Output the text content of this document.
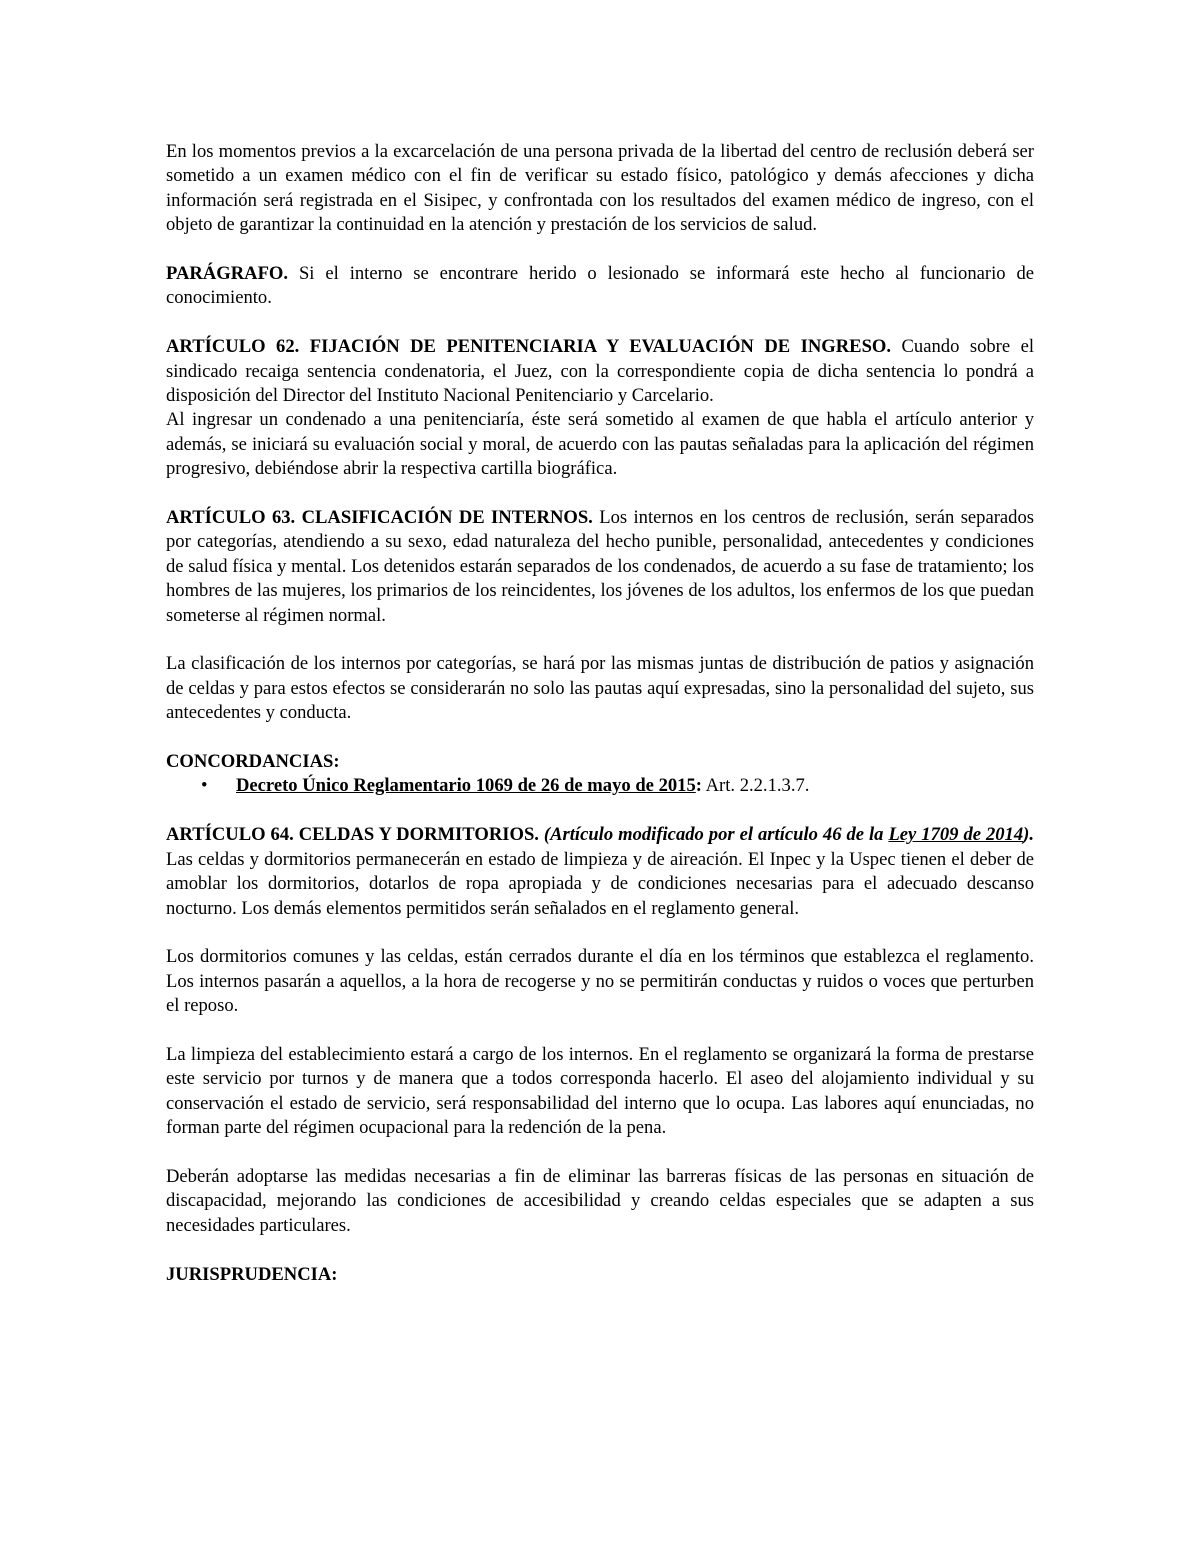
En los momentos previos a la excarcelación de una persona privada de la libertad del centro de reclusión deberá ser sometido a un examen médico con el fin de verificar su estado físico, patológico y demás afecciones y dicha información será registrada en el Sisipec, y confrontada con los resultados del examen médico de ingreso, con el objeto de garantizar la continuidad en la atención y prestación de los servicios de salud.

PARÁGRAFO. Si el interno se encontrare herido o lesionado se informará este hecho al funcionario de conocimiento.

ARTÍCULO 62. FIJACIÓN DE PENITENCIARIA Y EVALUACIÓN DE INGRESO. Cuando sobre el sindicado recaiga sentencia condenatoria, el Juez, con la correspondiente copia de dicha sentencia lo pondrá a disposición del Director del Instituto Nacional Penitenciario y Carcelario.

Al ingresar un condenado a una penitenciaría, éste será sometido al examen de que habla el artículo anterior y además, se iniciará su evaluación social y moral, de acuerdo con las pautas señaladas para la aplicación del régimen progresivo, debiéndose abrir la respectiva cartilla biográfica.

ARTÍCULO 63. CLASIFICACIÓN DE INTERNOS. Los internos en los centros de reclusión, serán separados por categorías, atendiendo a su sexo, edad naturaleza del hecho punible, personalidad, antecedentes y condiciones de salud física y mental. Los detenidos estarán separados de los condenados, de acuerdo a su fase de tratamiento; los hombres de las mujeres, los primarios de los reincidentes, los jóvenes de los adultos, los enfermos de los que puedan someterse al régimen normal.

La clasificación de los internos por categorías, se hará por las mismas juntas de distribución de patios y asignación de celdas y para estos efectos se considerarán no solo las pautas aquí expresadas, sino la personalidad del sujeto, sus antecedentes y conducta.

CONCORDANCIAS:

• Decreto Único Reglamentario 1069 de 26 de mayo de 2015: Art. 2.2.1.3.7.

ARTÍCULO 64. CELDAS Y DORMITORIOS. (Artículo modificado por el artículo 46 de la Ley 1709 de 2014). Las celdas y dormitorios permanecerán en estado de limpieza y de aireación. El Inpec y la Uspec tienen el deber de amoblar los dormitorios, dotarlos de ropa apropiada y de condiciones necesarias para el adecuado descanso nocturno. Los demás elementos permitidos serán señalados en el reglamento general.

Los dormitorios comunes y las celdas, están cerrados durante el día en los términos que establezca el reglamento. Los internos pasarán a aquellos, a la hora de recogerse y no se permitirán conductas y ruidos o voces que perturben el reposo.

La limpieza del establecimiento estará a cargo de los internos. En el reglamento se organizará la forma de prestarse este servicio por turnos y de manera que a todos corresponda hacerlo. El aseo del alojamiento individual y su conservación el estado de servicio, será responsabilidad del interno que lo ocupa. Las labores aquí enunciadas, no forman parte del régimen ocupacional para la redención de la pena.

Deberán adoptarse las medidas necesarias a fin de eliminar las barreras físicas de las personas en situación de discapacidad, mejorando las condiciones de accesibilidad y creando celdas especiales que se adapten a sus necesidades particulares.

JURISPRUDENCIA:
